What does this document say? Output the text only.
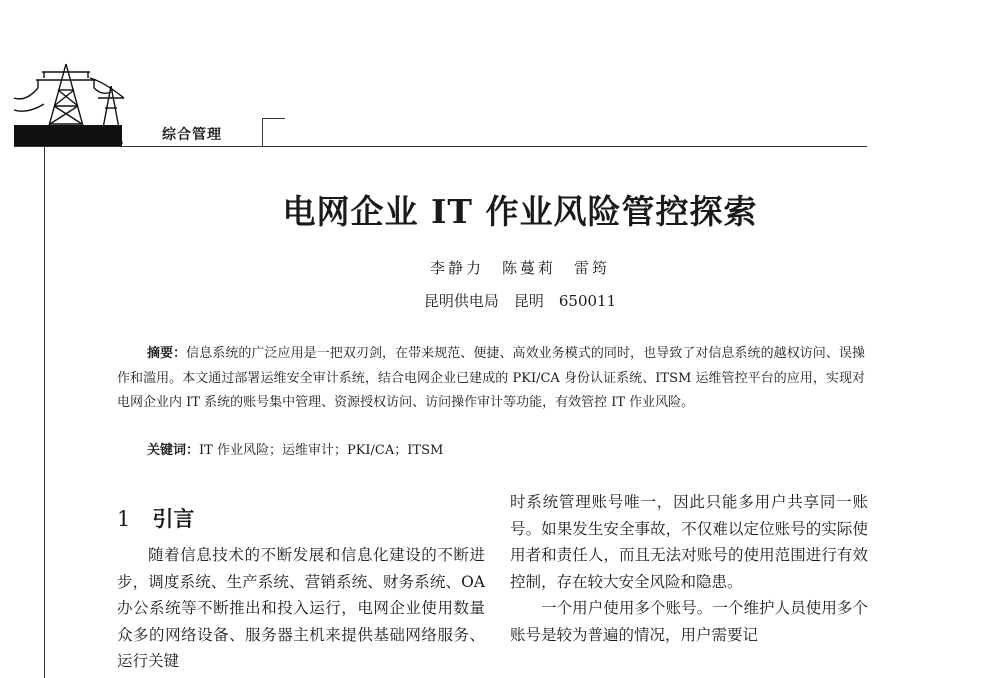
综合管理
电网企业 IT 作业风险管控探索
李静力　陈蔓莉　雷筠
昆明供电局　昆明　650011
摘要：信息系统的广泛应用是一把双刃剑，在带来规范、便捷、高效业务模式的同时，也导致了对信息系统的越权访问、误操作和滥用。本文通过部署运维安全审计系统，结合电网企业已建成的 PKI/CA 身份认证系统、ITSM 运维管控平台的应用，实现对电网企业内 IT 系统的账号集中管理、资源授权访问、访问操作审计等功能，有效管控 IT 作业风险。
关键词：IT 作业风险；运维审计；PKI/CA；ITSM
1 引言

随着信息技术的不断发展和信息化建设的不断进步，调度系统、生产系统、营销系统、财务系统、OA 办公系统等不断推出和投入运行，电网企业使用数量众多的网络设备、服务器主机来提供基础网络服务、运行关键

时系统管理账号唯一，因此只能多用户共享同一账号。如果发生安全事故，不仅难以定位账号的实际使用者和责任人，而且无法对账号的使用范围进行有效控制，存在较大安全风险和隐患。

一个用户使用多个账号。一个维护人员使用多个账号是较为普遍的情况，用户需要记
